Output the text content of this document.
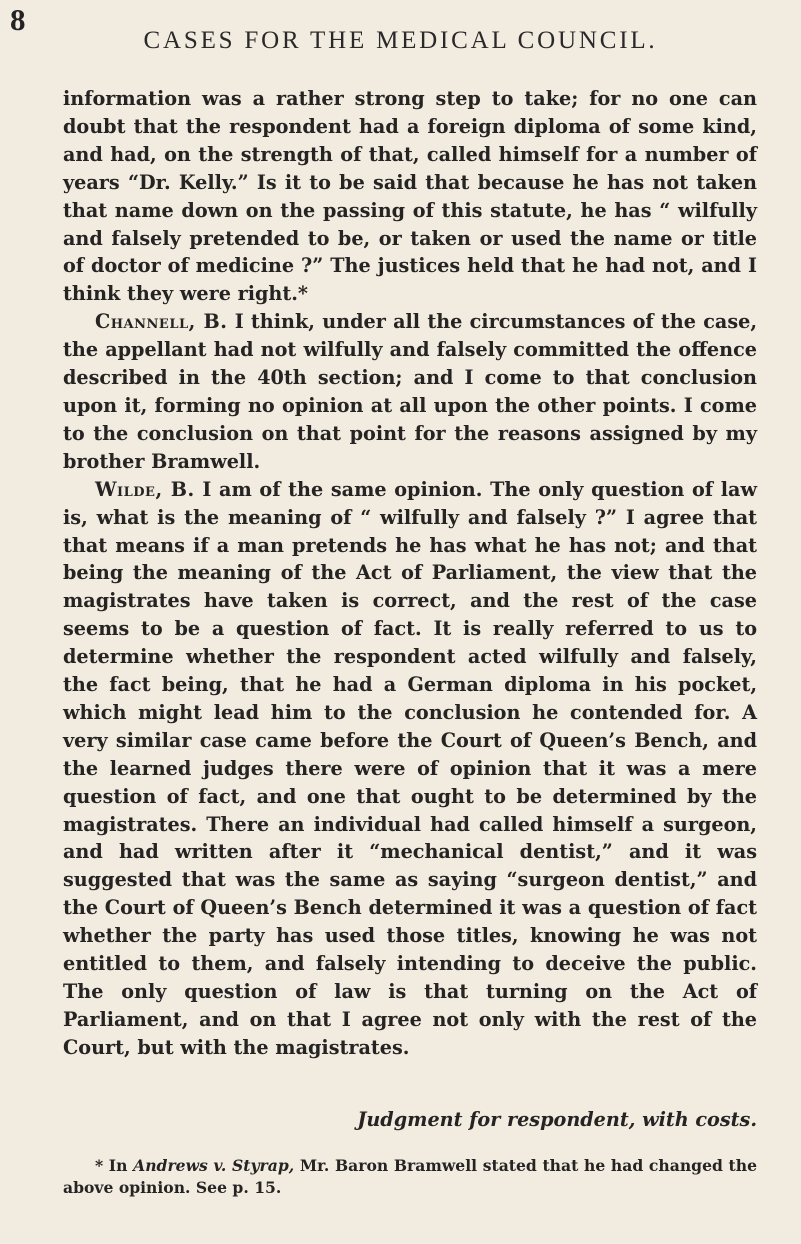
8
CASES FOR THE MEDICAL COUNCIL.

information was a rather strong step to take; for no one can doubt that the respondent had a foreign diploma of some kind, and had, on the strength of that, called himself for a number of years “Dr. Kelly.” Is it to be said that because he has not taken that name down on the passing of this statute, he has “ wilfully and falsely pretended to be, or taken or used the name or title of doctor of medicine ?” The justices held that he had not, and I think they were right.*

Channell, B. I think, under all the circumstances of the case, the appellant had not wilfully and falsely committed the offence described in the 40th section; and I come to that conclusion upon it, forming no opinion at all upon the other points. I come to the conclusion on that point for the reasons assigned by my brother Bramwell.

Wilde, B. I am of the same opinion. The only question of law is, what is the meaning of “ wilfully and falsely ?” I agree that that means if a man pretends he has what he has not; and that being the meaning of the Act of Parliament, the view that the magistrates have taken is correct, and the rest of the case seems to be a question of fact. It is really referred to us to determine whether the respondent acted wilfully and falsely, the fact being, that he had a German diploma in his pocket, which might lead him to the conclusion he contended for. A very similar case came before the Court of Queen’s Bench, and the learned judges there were of opinion that it was a mere question of fact, and one that ought to be determined by the magistrates. There an individual had called himself a surgeon, and had written after it “mechanical dentist,” and it was suggested that was the same as saying “surgeon dentist,” and the Court of Queen’s Bench determined it was a question of fact whether the party has used those titles, knowing he was not entitled to them, and falsely intending to deceive the public. The only question of law is that turning on the Act of Parliament, and on that I agree not only with the rest of the Court, but with the magistrates.

Judgment for respondent, with costs.
* In Andrews v. Styrap, Mr. Baron Bramwell stated that he had changed the above opinion. See p. 15.
